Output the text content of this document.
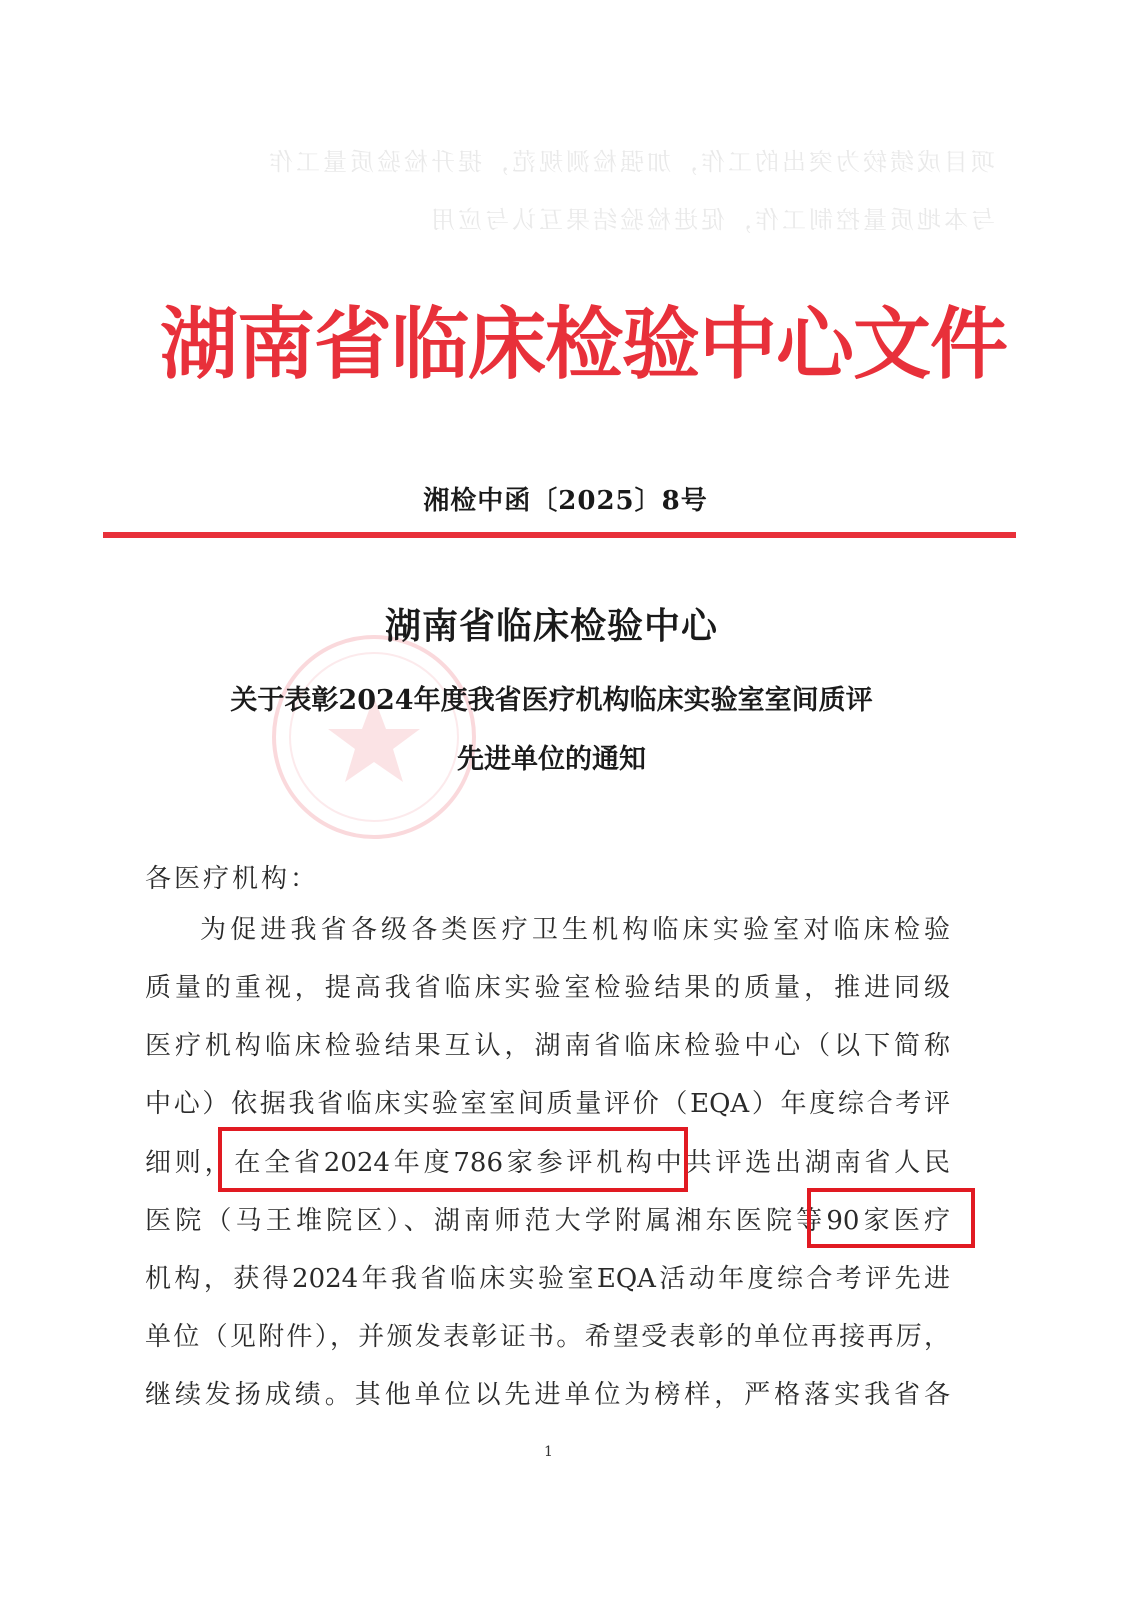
项目成绩较为突出的工作，加强检测规范，提升检验质量工作
与本地质量控制工作，促进检验结果互认与应用
湖南省临床检验中心文件
湘检中函〔2025〕8号
湖南省临床检验中心
关于表彰2024年度我省医疗机构临床实验室室间质评
先进单位的通知
各医疗机构：
为促进我省各级各类医疗卫生机构临床实验室对临床检验
质量的重视，提高我省临床实验室检验结果的质量，推进同级
医疗机构临床检验结果互认，湖南省临床检验中心（以下简称
中心）依据我省临床实验室室间质量评价（EQA）年度综合考评
细则，在全省2024年度786家参评机构中共评选出湖南省人民
医院（马王堆院区）、湖南师范大学附属湘东医院等90家医疗
机构，获得2024年我省临床实验室EQA活动年度综合考评先进
单位（见附件），并颁发表彰证书。希望受表彰的单位再接再厉，
继续发扬成绩。其他单位以先进单位为榜样，严格落实我省各
1
